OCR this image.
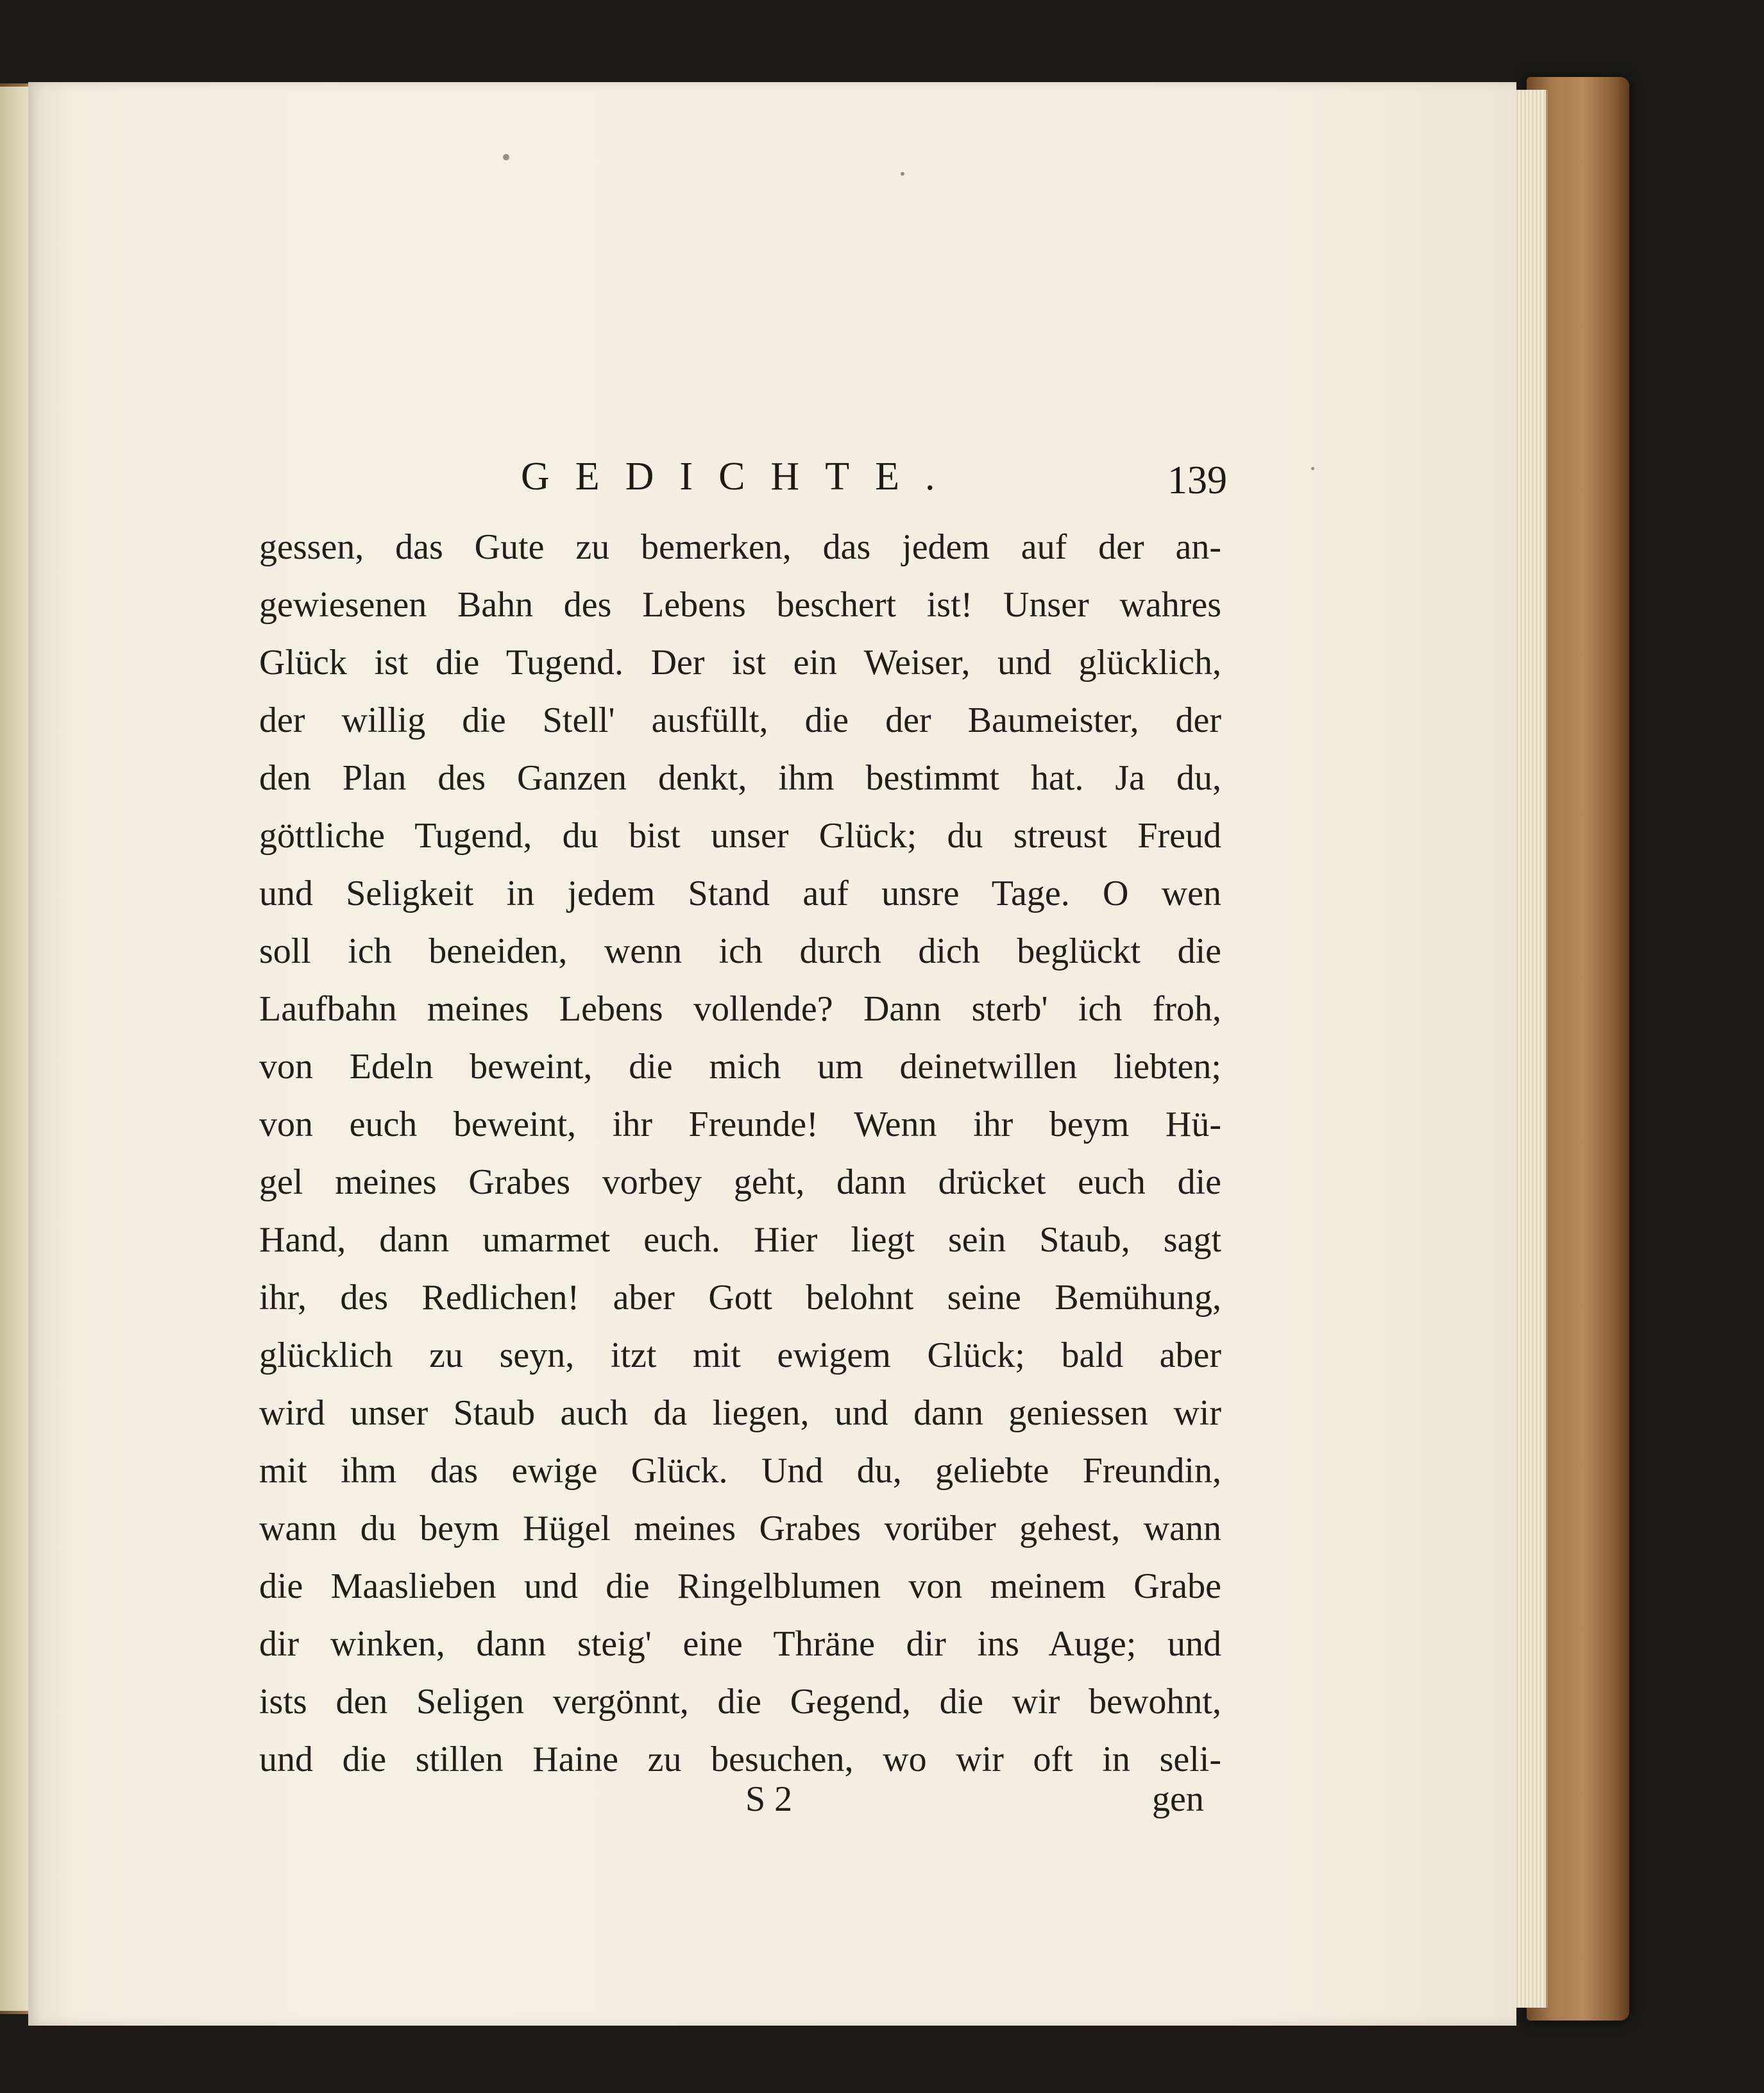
GEDICHTE.	139
gessen, das Gute zu bemerken, das jedem auf der an-
gewiesenen Bahn des Lebens beschert ist! Unser wahres
Glück ist die Tugend. Der ist ein Weiser, und glücklich,
der willig die Stell' ausfüllt, die der Baumeister, der
den Plan des Ganzen denkt, ihm bestimmt hat. Ja du,
göttliche Tugend, du bist unser Glück; du streust Freud
und Seligkeit in jedem Stand auf unsre Tage. O wen
soll ich beneiden, wenn ich durch dich beglückt die
Laufbahn meines Lebens vollende? Dann sterb' ich froh,
von Edeln beweint, die mich um deinetwillen liebten;
von euch beweint, ihr Freunde! Wenn ihr beym Hü-
gel meines Grabes vorbey geht, dann drücket euch die
Hand, dann umarmet euch. Hier liegt sein Staub, sagt
ihr, des Redlichen! aber Gott belohnt seine Bemühung,
glücklich zu seyn, itzt mit ewigem Glück; bald aber
wird unser Staub auch da liegen, und dann geniessen wir
mit ihm das ewige Glück. Und du, geliebte Freundin,
wann du beym Hügel meines Grabes vorüber gehest, wann
die Maaslieben und die Ringelblumen von meinem Grabe
dir winken, dann steig' eine Thräne dir ins Auge; und
ists den Seligen vergönnt, die Gegend, die wir bewohnt,
und die stillen Haine zu besuchen, wo wir oft in seli-
S 2	gen
